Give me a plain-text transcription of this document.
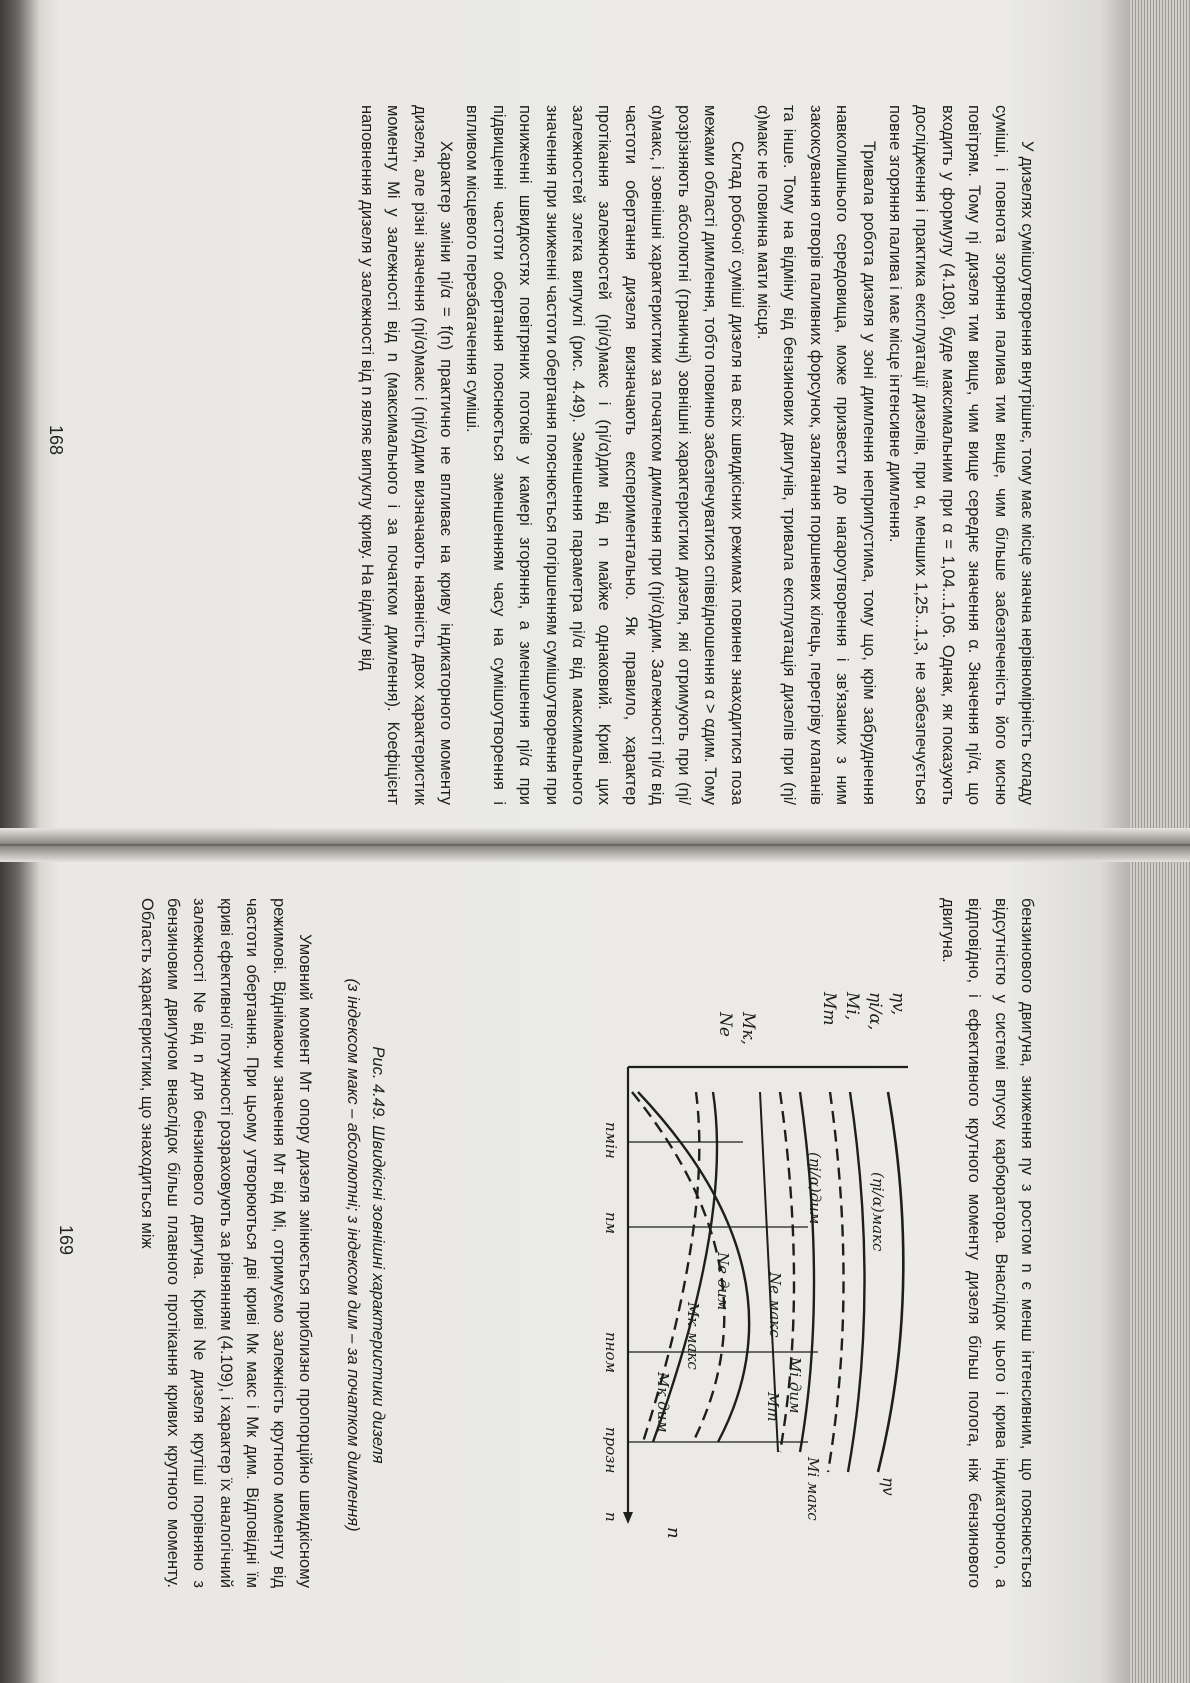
У дизелях сумішоутворення внутрішнє, тому має місце значна нерівномірність складу суміші, і повнота згоряння палива тим вище, чим більше забезпеченість його кисню повітрям. Тому ηi дизеля тим вище, чим вище середнє значення α. Значення ηi/α, що входить у формулу (4.108), буде максимальним при α = 1,04...1,06. Однак, як показують дослідження і практика експлуатації дизелів, при α, менших 1,25...1,3, не забезпечується повне згоряння палива і має місце інтенсивне димлення.

Тривала робота дизеля у зоні димлення неприпустима, тому що, крім забруднення навколишнього середовища, може призвести до нагароутворення і зв'язаних з ним закоксування отворів паливних форсунок, залягання поршневих кілець, перегріву клапанів та інше. Тому на відміну від бензинових двигунів, тривала експлуатація дизелів при (ηi/α)макс не повинна мати місця.

Склад робочої суміші дизеля на всіх швидкісних режимах повинен знаходитися поза межами області димлення, тобто повинно забезпечуватися співвідношення α > αдим. Тому розрізняють абсолютні (граничні) зовнішні характеристики дизеля, які отримують при (ηi/α)макс, і зовнішні характеристики за початком димлення при (ηi/α)дим. Залежності ηi/α від частоти обертання дизеля визначають експериментально. Як правило, характер протікання залежностей (ηi/α)макс і (ηi/α)дим від n майже однаковий. Криві цих залежностей злегка випуклі (рис. 4.49). Зменшення параметра ηi/α від максимального значення при зниженні частоти обертання пояснюється погіршенням сумішоутворення при пониженні швидкостях повітряних потоків у камері згоряння, а зменшення ηi/α при підвищенні частоти обертання пояснюється зменшенням часу на сумішоутворення і впливом місцевого перезбагачення суміші.

Характер зміни ηi/α = f(n) практично не впливає на криву індикаторного моменту дизеля, але різні значення (ηi/α)макс і (ηi/α)дим визначають наявність двох характеристик моменту Mi у залежності від n (максимального і за початком димлення). Коефіцієнт наповнення дизеля у залежності від n являє випуклу криву. На відміну від

168

бензинового двигуна, зниження ηv з ростом n є менш інтенсивним, що пояснюється відсутністю у системі впуску карбюратора. Внаслідок цього і крива індикаторного, а відповідно, і ефективного крутного моменту дизеля більш полога, ніж бензинового двигуна.

ηv,
ηi/α,
Mi,
Mт
Mк,
Ne
n
nмін
nм
nном
nрозн
n
ηv
(ηi/α)макс
(ηi/α)дим
Mi макс
Mi дим
Mт
Ne макс
Ne дим
Mк макс
Mк дим
Рис. 4.49. Швидкісні зовнішні характеристики дизеля
(з індексом макс – абсолютні; з індексом дим – за початком димлення)

Умовний момент Mт опору дизеля змінюється приблизно пропорційно швидкісному режимові. Віднімаючи значення Mт від Mi, отримуємо залежність крутного моменту від частоти обертання. При цьому утворюються дві криві Mк макс і Mк дим. Відповідні їм криві ефективної потужності розраховують за рівнянням (4.109), і характер їх аналогічний залежності Ne від n для бензинового двигуна. Криві Ne дизеля крутіші порівняно з бензиновим двигуном внаслідок більш плавного протікання кривих крутного моменту. Область характеристики, що знаходиться між

169
